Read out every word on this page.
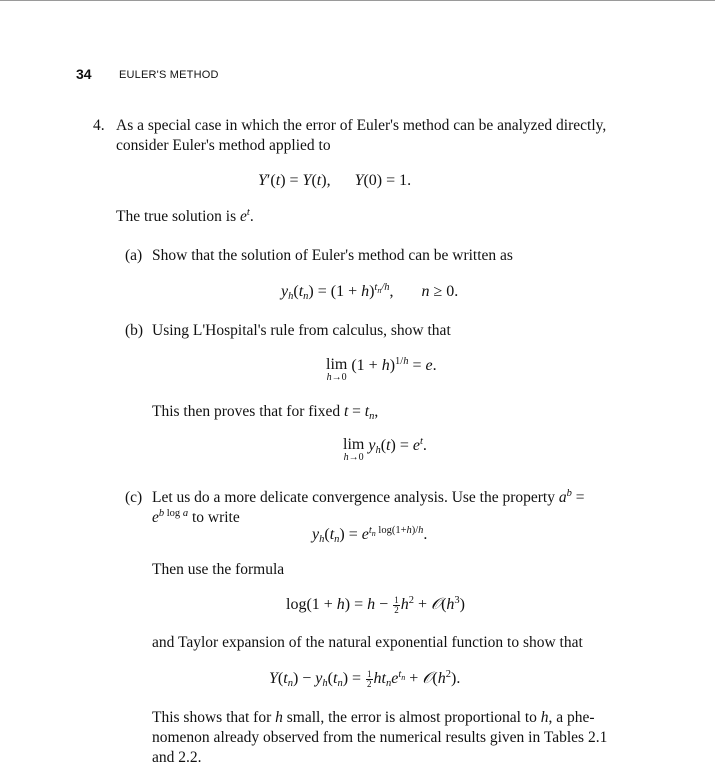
34 EULER'S METHOD
4. As a special case in which the error of Euler's method can be analyzed directly,
consider Euler's method applied to
Y′(t) = Y(t),      Y(0) = 1.
The true solution is $e^t$.
(a) Show that the solution of Euler's method can be written as
$y_h(t_n) = (1 + h)^{t_n/h}$,       n ≥ 0.
(b) Using L'Hospital's rule from calculus, show that
lim
h→0
$(1 + h)^{1/h} = e$.
This then proves that for fixed $t = t_n$,
lim
h→0
$y_h(t) = e^t$.
(c) Let us do a more delicate convergence analysis. Use the property $a^b$ =
$e^{b log a}$ to write
$y_h(t_n) = e^{t_n log(1+h)/h}$.
Then use the formula
$\log(1 + h) = h - \frac{1}{2} h^2$ + $𝒪(h^3)$
and Taylor expansion of the natural exponential function to show that
$Y(t_n) - y_h(t_n) = \frac{1}{2} ht_ne^{t_n}$ + $𝒪(h^2)$.
This shows that for h small, the error is almost proportional to h, a phe-
nomenon already observed from the numerical results given in Tables 2.1
and 2.2.
